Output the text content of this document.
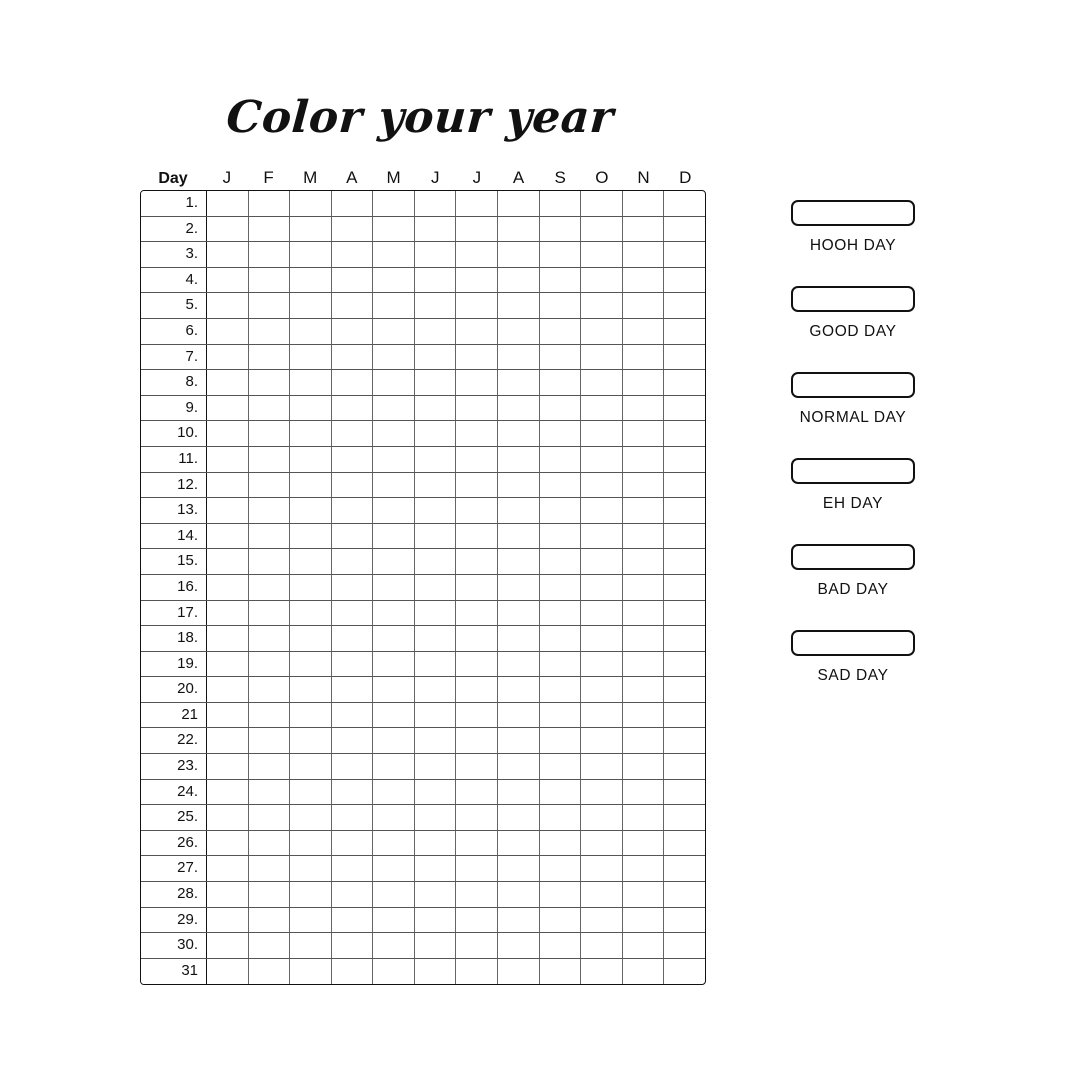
Color your year
Day	J	F	M	A	M	J	J	A	S	O	N	D
1.
2.
3.
4.
5.
6.
7.
8.
9.
10.
11.
12.
13.
14.
15.
16.
17.
18.
19.
20.
21
22.
23.
24.
25.
26.
27.
28.
29.
30.
31
HOOH DAY
GOOD DAY
NORMAL DAY
EH DAY
BAD DAY
SAD DAY
